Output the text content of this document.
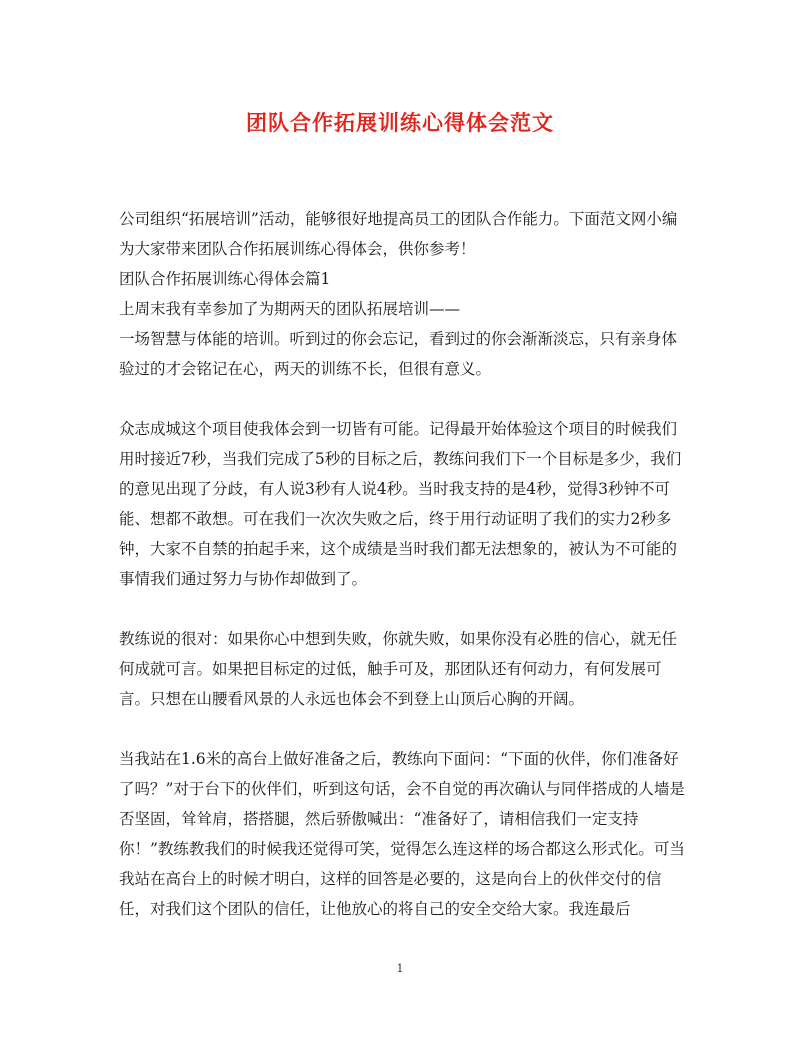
团队合作拓展训练心得体会范文

公司组织“拓展培训”活动，能够很好地提高员工的团队合作能力。下面范文网小编为大家带来团队合作拓展训练心得体会，供你参考！

团队合作拓展训练心得体会篇1

上周末我有幸参加了为期两天的团队拓展培训——

一场智慧与体能的培训。听到过的你会忘记，看到过的你会渐渐淡忘，只有亲身体验过的才会铭记在心，两天的训练不长，但很有意义。

众志成城这个项目使我体会到一切皆有可能。记得最开始体验这个项目的时候我们用时接近7秒，当我们完成了5秒的目标之后，教练问我们下一个目标是多少，我们的意见出现了分歧，有人说3秒有人说4秒。当时我支持的是4秒，觉得3秒钟不可能、想都不敢想。可在我们一次次失败之后，终于用行动证明了我们的实力2秒多钟，大家不自禁的拍起手来，这个成绩是当时我们都无法想象的，被认为不可能的事情我们通过努力与协作却做到了。

教练说的很对：如果你心中想到失败，你就失败，如果你没有必胜的信心，就无任何成就可言。如果把目标定的过低，触手可及，那团队还有何动力，有何发展可言。只想在山腰看风景的人永远也体会不到登上山顶后心胸的开阔。

当我站在1.6米的高台上做好准备之后，教练向下面问：“下面的伙伴，你们准备好了吗？”对于台下的伙伴们，听到这句话，会不自觉的再次确认与同伴搭成的人墙是否坚固，耸耸肩，搭搭腿，然后骄傲喊出：“准备好了，请相信我们一定支持你！”教练教我们的时候我还觉得可笑，觉得怎么连这样的场合都这么形式化。可当我站在高台上的时候才明白，这样的回答是必要的，这是向台上的伙伴交付的信任，对我们这个团队的信任，让他放心的将自己的安全交给大家。我连最后

1
